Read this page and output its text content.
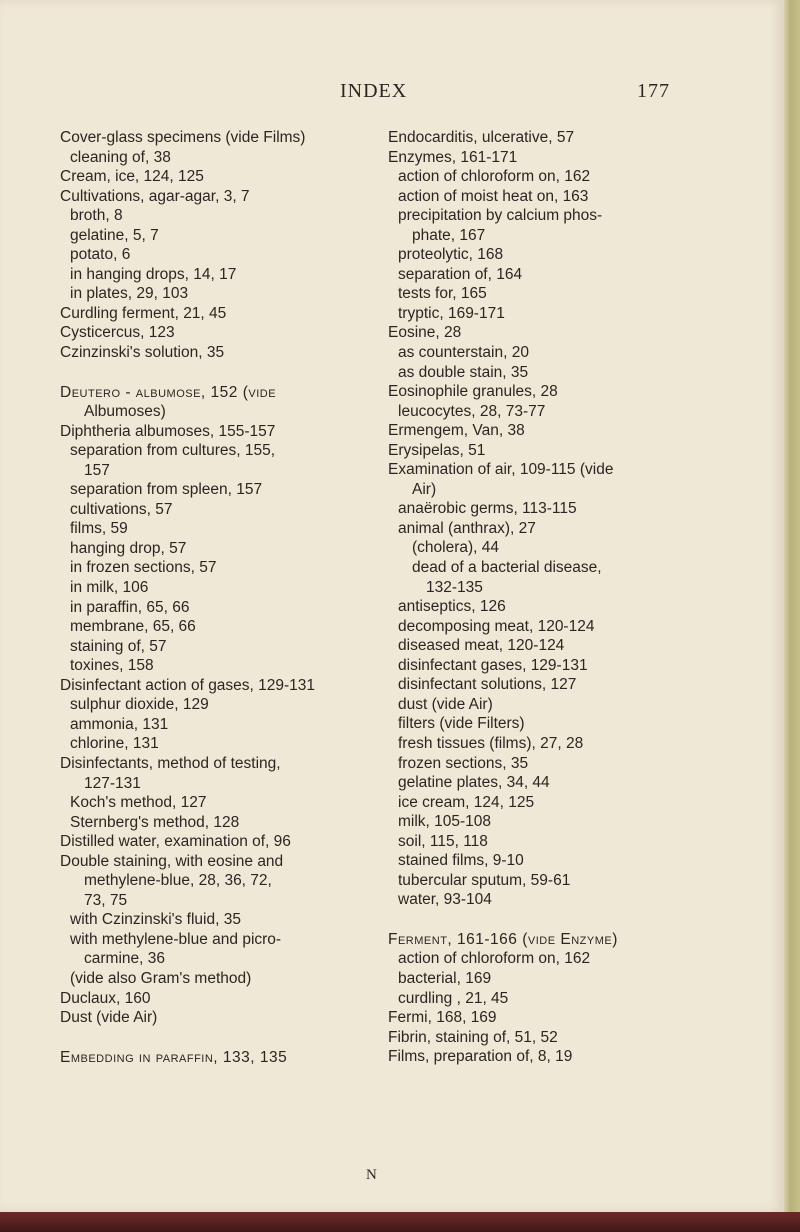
INDEX	177
Cover-glass specimens (vide Films)
cleaning of, 38
Cream, ice, 124, 125
Cultivations, agar-agar, 3, 7
broth, 8
gelatine, 5, 7
potato, 6
in hanging drops, 14, 17
in plates, 29, 103
Curdling ferment, 21, 45
Cysticercus, 123
Czinzinski's solution, 35
Deutero - albumose, 152 (vide
Albumoses)
Diphtheria albumoses, 155-157
separation from cultures, 155,
157
separation from spleen, 157
cultivations, 57
films, 59
hanging drop, 57
in frozen sections, 57
in milk, 106
in paraffin, 65, 66
membrane, 65, 66
staining of, 57
toxines, 158
Disinfectant action of gases, 129-131
sulphur dioxide, 129
ammonia, 131
chlorine, 131
Disinfectants, method of testing,
127-131
Koch's method, 127
Sternberg's method, 128
Distilled water, examination of, 96
Double staining, with eosine and
methylene-blue, 28, 36, 72,
73, 75
with Czinzinski's fluid, 35
with methylene-blue and picro-
carmine, 36
(vide also Gram's method)
Duclaux, 160
Dust (vide Air)
Embedding in paraffin, 133, 135
Endocarditis, ulcerative, 57
Enzymes, 161-171
action of chloroform on, 162
action of moist heat on, 163
precipitation by calcium phos-
phate, 167
proteolytic, 168
separation of, 164
tests for, 165
tryptic, 169-171
Eosine, 28
as counterstain, 20
as double stain, 35
Eosinophile granules, 28
leucocytes, 28, 73-77
Ermengem, Van, 38
Erysipelas, 51
Examination of air, 109-115 (vide
Air)
anaërobic germs, 113-115
animal (anthrax), 27
(cholera), 44
dead of a bacterial disease,
132-135
antiseptics, 126
decomposing meat, 120-124
diseased meat, 120-124
disinfectant gases, 129-131
disinfectant solutions, 127
dust (vide Air)
filters (vide Filters)
fresh tissues (films), 27, 28
frozen sections, 35
gelatine plates, 34, 44
ice cream, 124, 125
milk, 105-108
soil, 115, 118
stained films, 9-10
tubercular sputum, 59-61
water, 93-104
Ferment, 161-166 (vide Enzyme)
action of chloroform on, 162
bacterial, 169
curdling , 21, 45
Fermi, 168, 169
Fibrin, staining of, 51, 52
Films, preparation of, 8, 19
N
